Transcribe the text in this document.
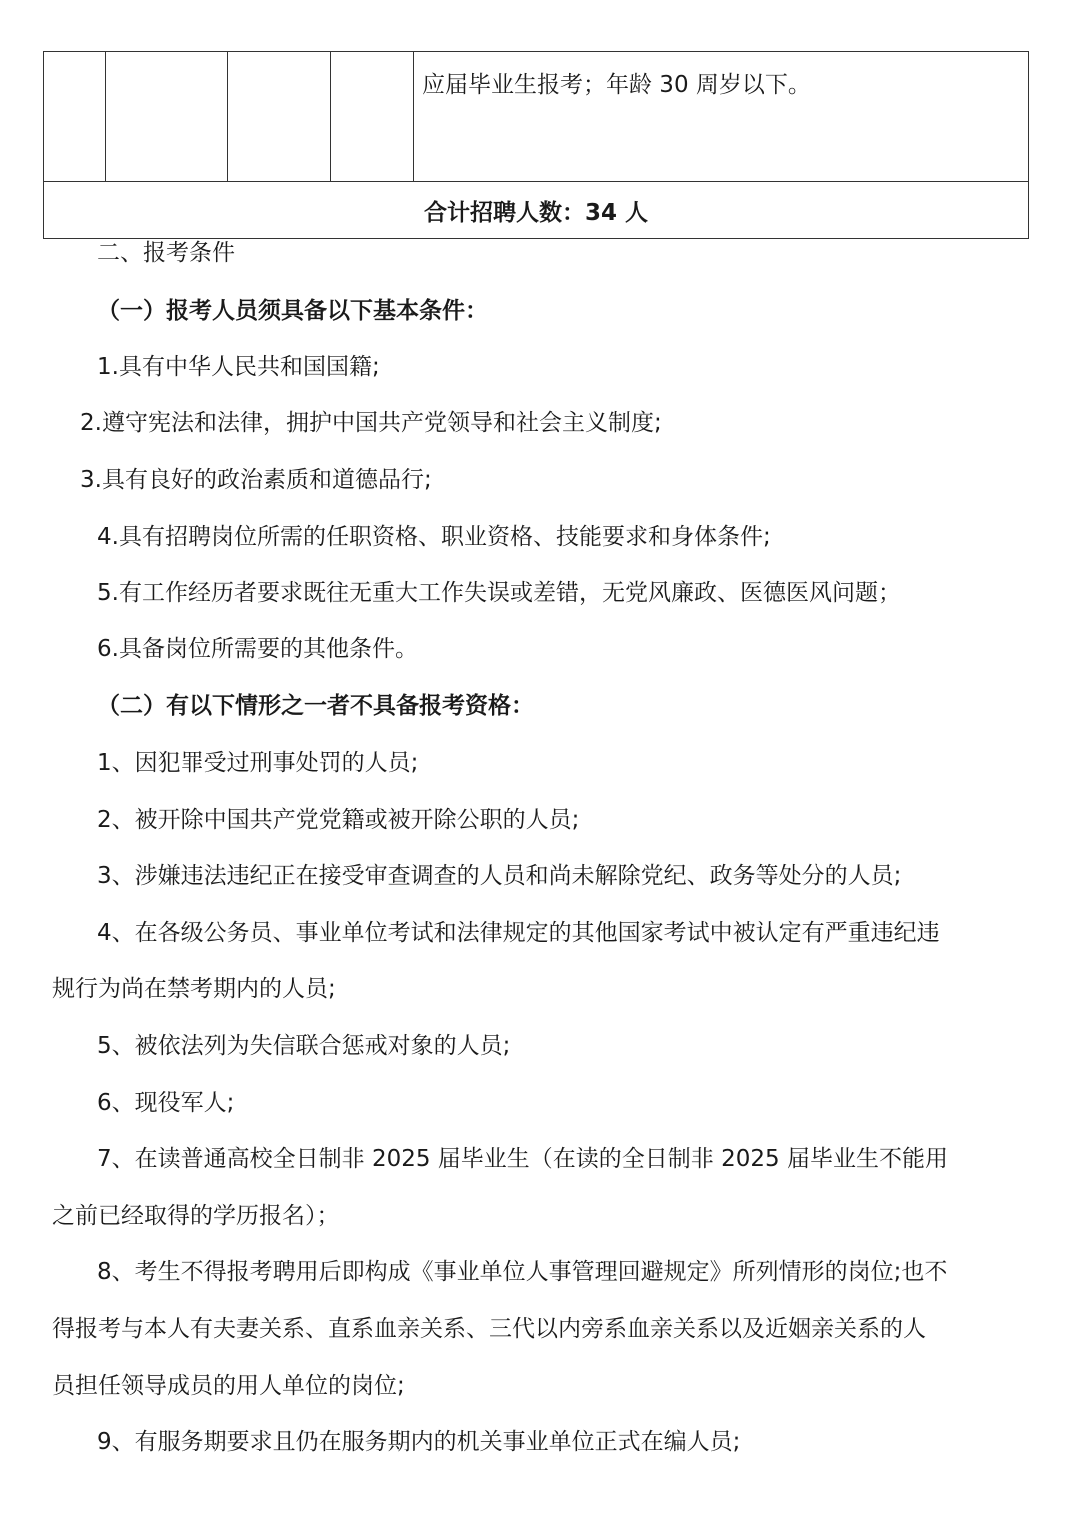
				应届毕业生报考；年龄 30 周岁以下。
合计招聘人数：34 人
二、报考条件
（一）报考人员须具备以下基本条件：
1.具有中华人民共和国国籍;
2.遵守宪法和法律，拥护中国共产党领导和社会主义制度;
3.具有良好的政治素质和道德品行;
4.具有招聘岗位所需的任职资格、职业资格、技能要求和身体条件;
5.有工作经历者要求既往无重大工作失误或差错，无党风廉政、医德医风问题；
6.具备岗位所需要的其他条件。
（二）有以下情形之一者不具备报考资格：
1、因犯罪受过刑事处罚的人员;
2、被开除中国共产党党籍或被开除公职的人员;
3、涉嫌违法违纪正在接受审查调查的人员和尚未解除党纪、政务等处分的人员;
4、在各级公务员、事业单位考试和法律规定的其他国家考试中被认定有严重违纪违
规行为尚在禁考期内的人员;
5、被依法列为失信联合惩戒对象的人员;
6、现役军人;
7、在读普通高校全日制非 2025 届毕业生（在读的全日制非 2025 届毕业生不能用
之前已经取得的学历报名）；
8、考生不得报考聘用后即构成《事业单位人事管理回避规定》所列情形的岗位;也不
得报考与本人有夫妻关系、直系血亲关系、三代以内旁系血亲关系以及近姻亲关系的人
员担任领导成员的用人单位的岗位;
9、有服务期要求且仍在服务期内的机关事业单位正式在编人员;
